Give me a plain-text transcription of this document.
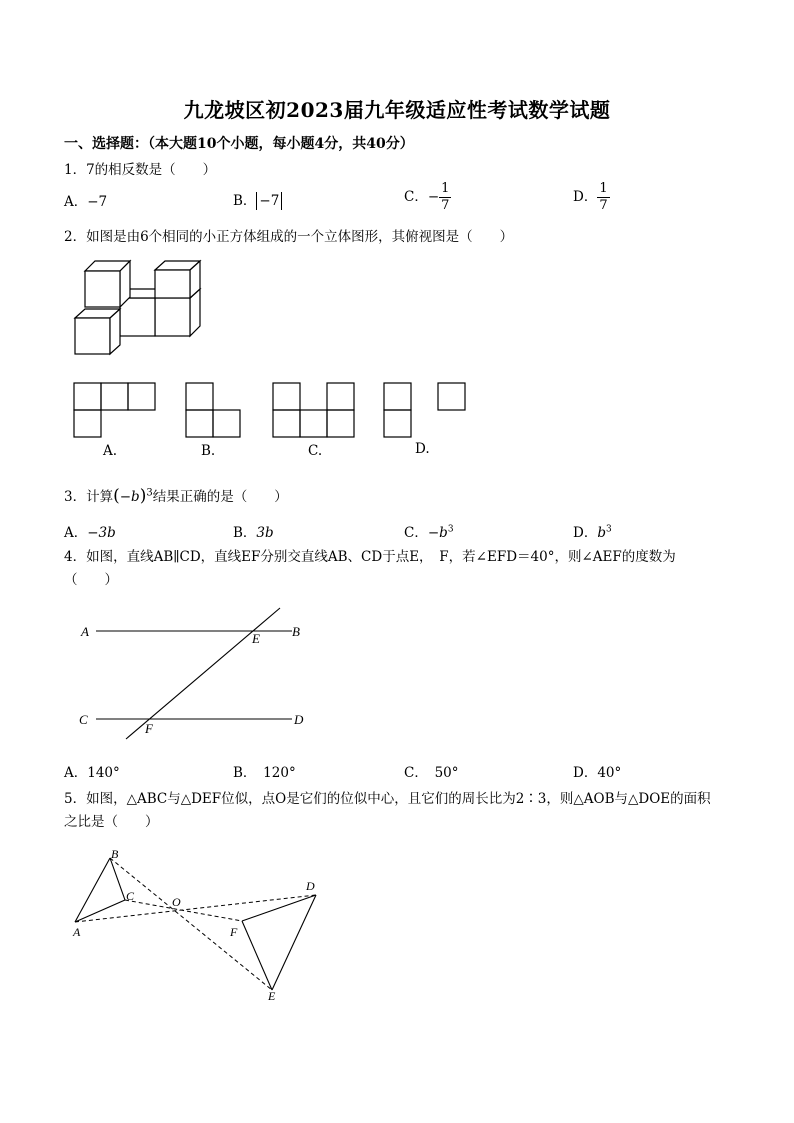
九龙坡区初2023届九年级适应性考试数学试题
一、选择题：（本大题10个小题，每小题4分，共40分）
1．7的相反数是（　　）
A．−7	B． −7	C．− $\frac{1}{7}$	D． $\frac{1}{7}$
2．如图是由6个相同的小正方体组成的一个立体图形，其俯视图是（　　）
A.	B.	C.	D.
3．计算$(-b)^3$结果正确的是（　　）
A．−3b	B．3b	C．$-b^3$	D．$b^3$
4．如图，直线AB∥CD，直线EF分别交直线AB、CD于点E，　F，若∠EFD＝40°，则∠AEF的度数为
（　　）
A	B
C	D
E
F
A．140°	B．　120°	C．　50°	D．40°
5．如图，△ABC与△DEF位似，点O是它们的位似中心，且它们的周长比为2∶3，则△AOB与△DOE的面积
之比是（　　）
A
B
C	O
D
E
F
